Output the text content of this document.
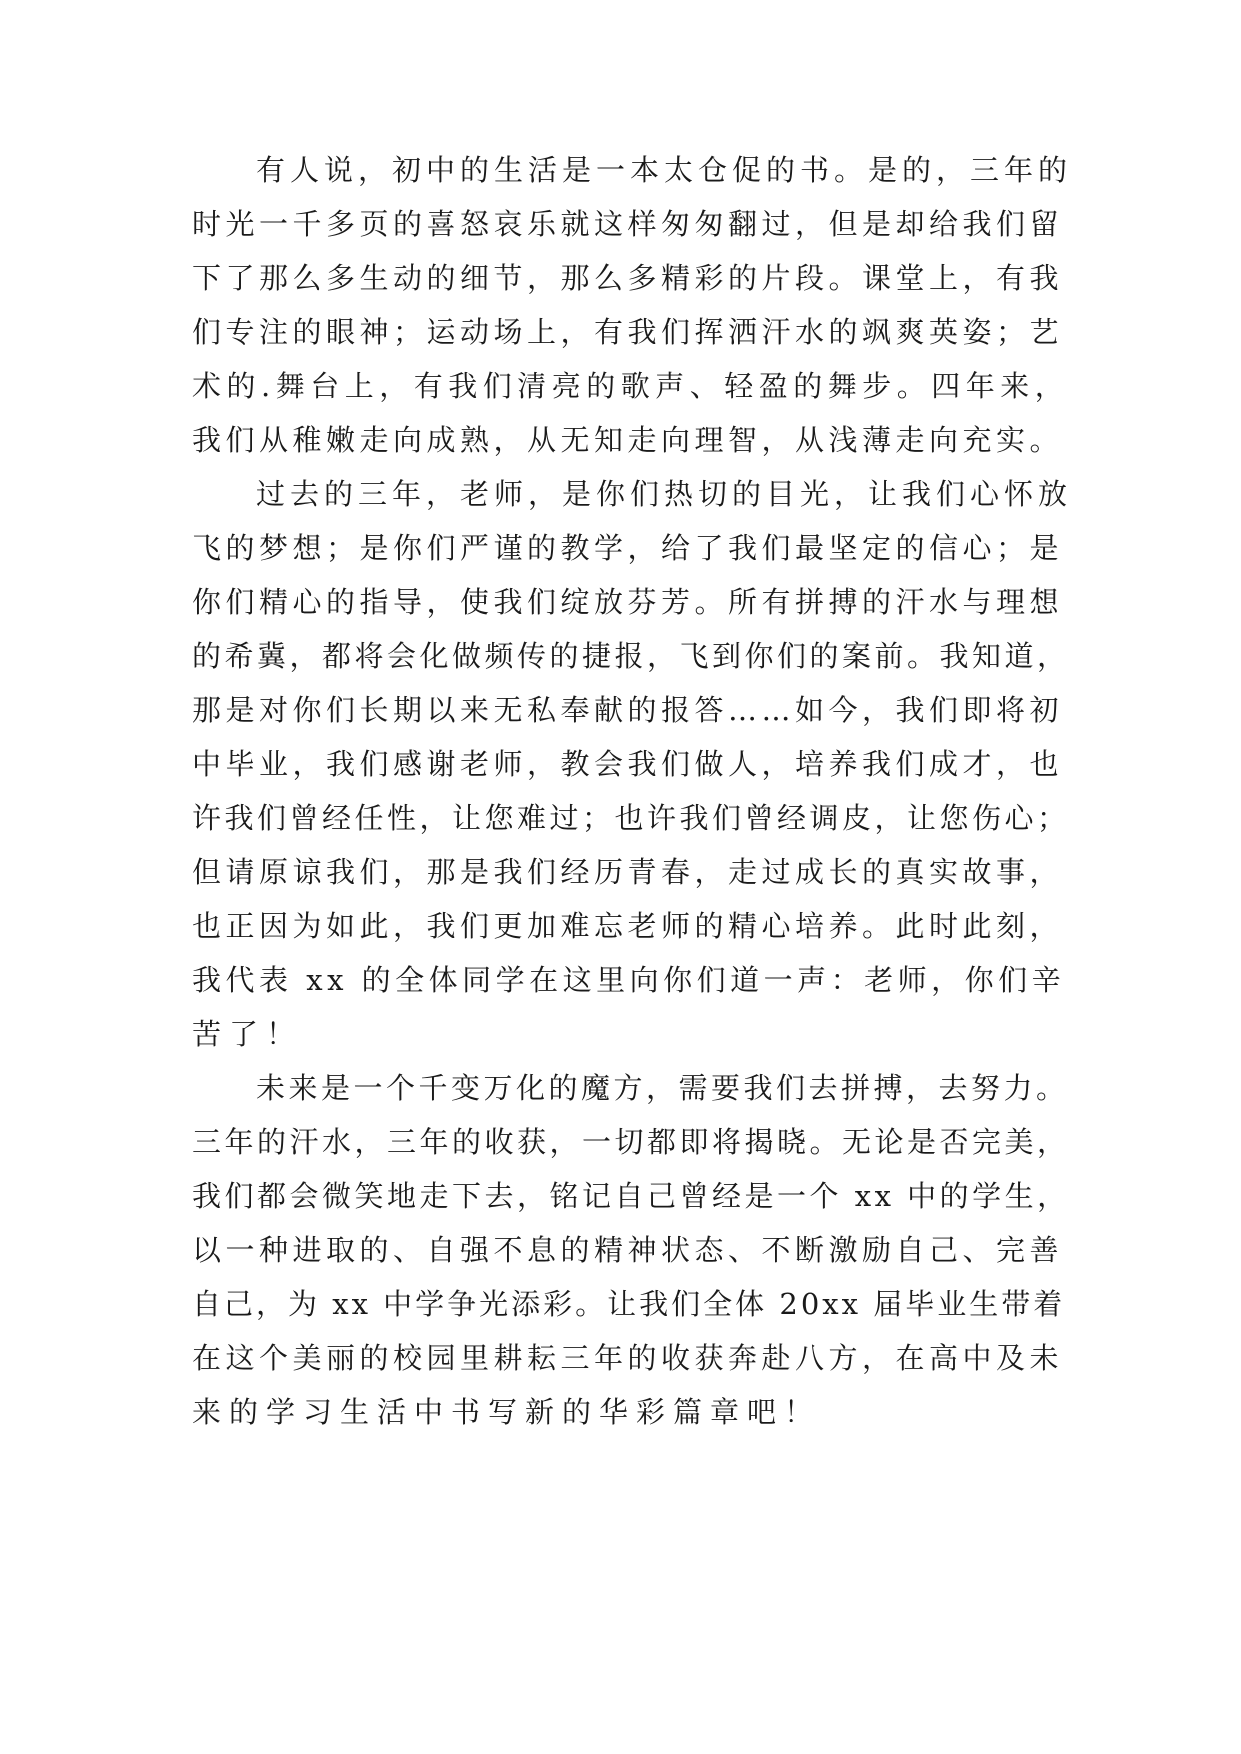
有人说，初中的生活是一本太仓促的书。是的，三年的
时光一千多页的喜怒哀乐就这样匆匆翻过，但是却给我们留
下了那么多生动的细节，那么多精彩的片段。课堂上，有我
们专注的眼神；运动场上，有我们挥洒汗水的飒爽英姿；艺
术的.舞台上，有我们清亮的歌声、轻盈的舞步。四年来，
我们从稚嫩走向成熟，从无知走向理智，从浅薄走向充实。
过去的三年，老师，是你们热切的目光，让我们心怀放
飞的梦想；是你们严谨的教学，给了我们最坚定的信心；是
你们精心的指导，使我们绽放芬芳。所有拼搏的汗水与理想
的希冀，都将会化做频传的捷报，飞到你们的案前。我知道，
那是对你们长期以来无私奉献的报答……如今，我们即将初
中毕业，我们感谢老师，教会我们做人，培养我们成才，也
许我们曾经任性，让您难过；也许我们曾经调皮，让您伤心；
但请原谅我们，那是我们经历青春，走过成长的真实故事，
也正因为如此，我们更加难忘老师的精心培养。此时此刻，
我代表 xx 的全体同学在这里向你们道一声：老师，你们辛
苦了！
未来是一个千变万化的魔方，需要我们去拼搏，去努力。
三年的汗水，三年的收获，一切都即将揭晓。无论是否完美，
我们都会微笑地走下去，铭记自己曾经是一个 xx 中的学生，
以一种进取的、自强不息的精神状态、不断激励自己、完善
自己，为 xx 中学争光添彩。让我们全体 20xx 届毕业生带着
在这个美丽的校园里耕耘三年的收获奔赴八方，在高中及未
来的学习生活中书写新的华彩篇章吧！
